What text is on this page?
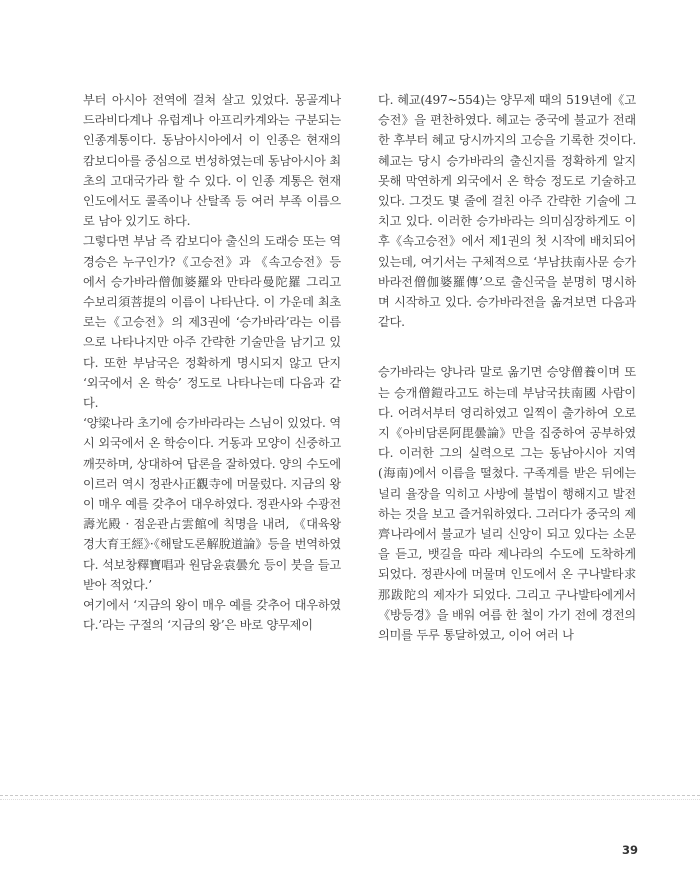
부터 아시아 전역에 걸쳐 살고 있었다. 몽골계나 드라비다계나 유럽계나 아프리카계와는 구분되는 인종계통이다. 동남아시아에서 이 인종은 현재의 캄보디아를 중심으로 번성하였는데 동남아시아 최초의 고대국가라 할 수 있다. 이 인종 계통은 현재 인도에서도 콜족이나 산탈족 등 여러 부족 이름으로 남아 있기도 하다.

그렇다면 부남 즉 캄보디아 출신의 도래승 또는 역경승은 누구인가?《고승전》과 《속고승전》등에서 승가바라僧伽婆羅와 만타라曼陀羅 그리고 수보리須菩提의 이름이 나타난다. 이 가운데 최초로는《고승전》의 제3권에 ‘승가바라’라는 이름으로 나타나지만 아주 간략한 기술만을 남기고 있다. 또한 부남국은 정확하게 명시되지 않고 단지 ‘외국에서 온 학승’ 정도로 나타나는데 다음과 같다.

‘양梁나라 초기에 승가바라라는 스님이 있었다. 역시 외국에서 온 학승이다. 거동과 모양이 신중하고 깨끗하며, 상대하여 답론을 잘하였다. 양의 수도에 이르러 역시 정관사正觀寺에 머물렀다. 지금의 왕이 매우 예를 갖추어 대우하였다. 정관사와 수광전壽光殿 · 점운관占雲館에 칙명을 내려, 《대육왕경大育王經》·《해탈도론解脫道論》등을 번역하였다. 석보창釋寶唱과 원담윤袁曇允 등이 붓을 들고 받아 적었다.’

여기에서 ‘지금의 왕이 매우 예를 갖추어 대우하였다.’라는 구절의 ‘지금의 왕’은 바로 양무제이

다. 혜교(497~554)는 양무제 때의 519년에《고승전》을 편찬하였다. 혜교는 중국에 불교가 전래한 후부터 혜교 당시까지의 고승을 기록한 것이다. 혜교는 당시 승가바라의 출신지를 정확하게 알지 못해 막연하게 외국에서 온 학승 정도로 기술하고 있다. 그것도 몇 줄에 걸친 아주 간략한 기술에 그치고 있다. 이러한 승가바라는 의미심장하게도 이후《속고승전》에서 제1권의 첫 시작에 배치되어 있는데, 여기서는 구체적으로 ‘부남扶南사문 승가바라전僧伽婆羅傳’으로 출신국을 분명히 명시하며 시작하고 있다. 승가바라전을 옮겨보면 다음과 같다.

승가바라는 양나라 말로 옮기면 승양僧養이며 또는 승개僧鎧라고도 하는데 부남국扶南國 사람이다. 어려서부터 영리하였고 일찍이 출가하여 오로지《아비담론阿毘曇論》만을 집중하여 공부하였다. 이러한 그의 실력으로 그는 동남아시아 지역(海南)에서 이름을 떨쳤다. 구족계를 받은 뒤에는 널리 율장을 익히고 사방에 불법이 행해지고 발전하는 것을 보고 즐거워하였다. 그러다가 중국의 제齊나라에서 불교가 널리 신앙이 되고 있다는 소문을 듣고, 뱃길을 따라 제나라의 수도에 도착하게 되었다. 정관사에 머물며 인도에서 온 구나발타求那跋陀의 제자가 되었다. 그리고 구나발타에게서《방등경》을 배워 여름 한 철이 가기 전에 경전의 의미를 두루 통달하였고, 이어 여러 나

39
